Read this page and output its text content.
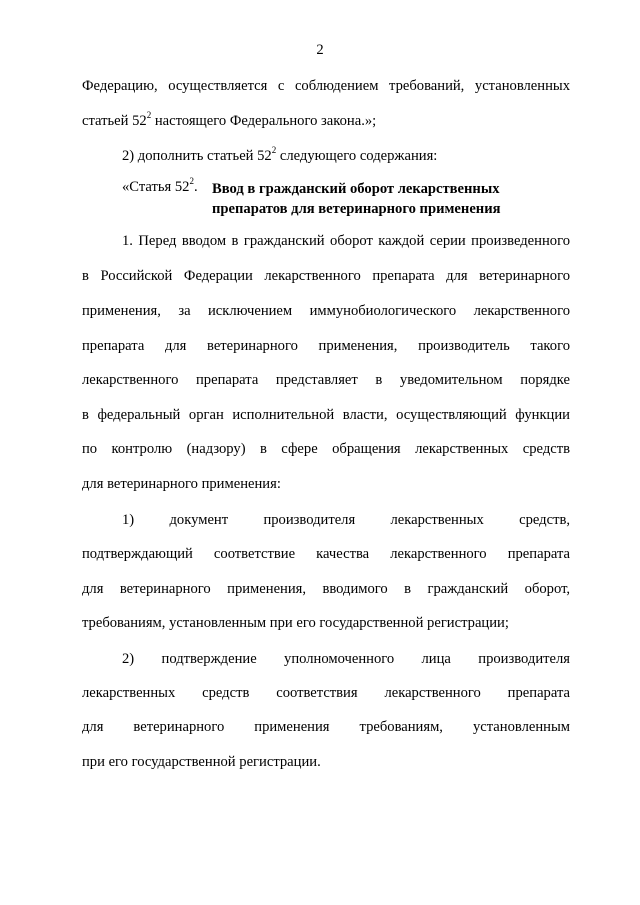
2
Федерацию, осуществляется с соблюдением требований, установленных
статьей $52^2$ настоящего Федерального закона.»;
2) дополнить статьей $52^2$ следующего содержания:
«Статья $52^2$. Ввод в гражданский оборот лекарственных
препаратов для ветеринарного применения
1. Перед вводом в гражданский оборот каждой серии произведенного
в Российской Федерации лекарственного препарата для ветеринарного
применения, за исключением иммунобиологического лекарственного
препарата для ветеринарного применения, производитель такого
лекарственного препарата представляет в уведомительном порядке
в федеральный орган исполнительной власти, осуществляющий функции
по контролю (надзору) в сфере обращения лекарственных средств
для ветеринарного применения:
1) документ производителя лекарственных средств,
подтверждающий соответствие качества лекарственного препарата
для ветеринарного применения, вводимого в гражданский оборот,
требованиям, установленным при его государственной регистрации;
2) подтверждение уполномоченного лица производителя
лекарственных средств соответствия лекарственного препарата
для ветеринарного применения требованиям, установленным
при его государственной регистрации.
